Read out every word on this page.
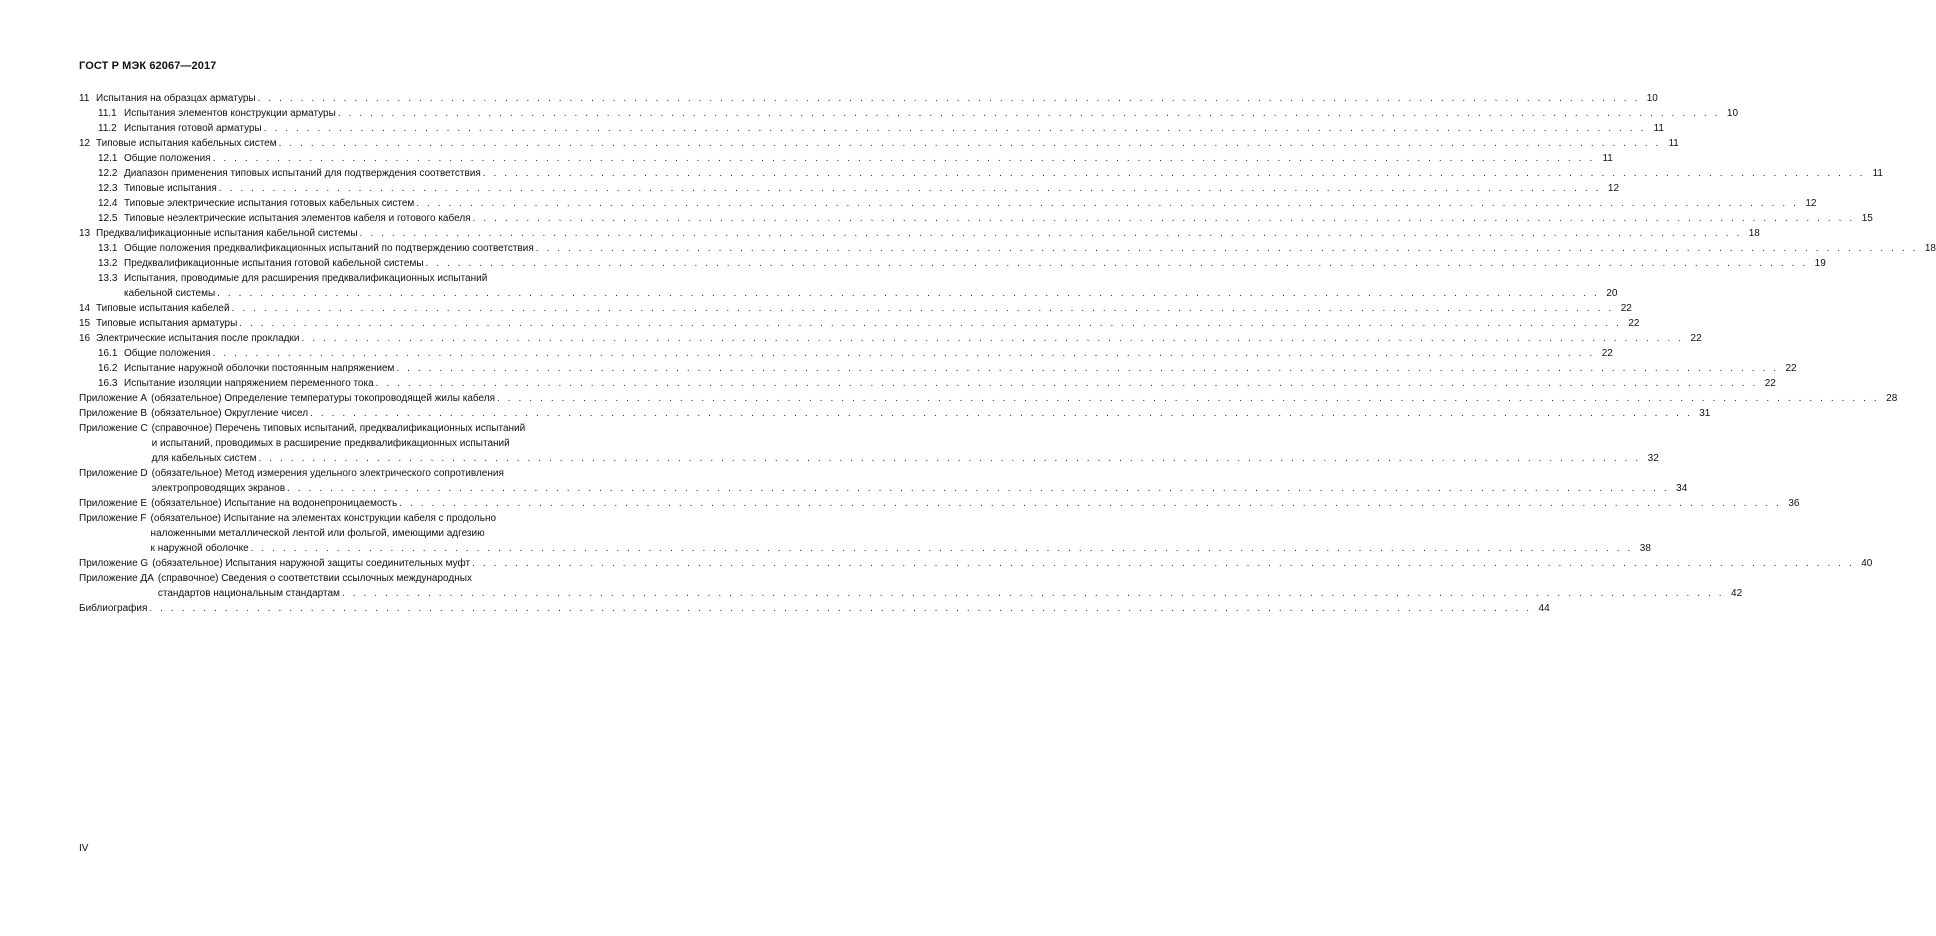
ГОСТ Р МЭК 62067—2017
11 Испытания на образцах арматуры . . .	10
11.1 Испытания элементов конструкции арматуры . . .	10
11.2 Испытания готовой арматуры . . .	11
12 Типовые испытания кабельных систем . . .	11
12.1 Общие положения . . .	11
12.2 Диапазон применения типовых испытаний для подтверждения соответствия . . .	11
12.3 Типовые испытания . . .	12
12.4 Типовые электрические испытания готовых кабельных систем . . .	12
12.5 Типовые неэлектрические испытания элементов кабеля и готового кабеля . . .	15
13 Предквалификационные испытания кабельной системы . . .	18
13.1 Общие положения предквалификационных испытаний по подтверждению соответствия . . .	18
13.2 Предквалификационные испытания готовой кабельной системы . . .	19
13.3 Испытания, проводимые для расширения предквалификационных испытаний
кабельной системы . . .	20
14 Типовые испытания кабелей . . .	22
15 Типовые испытания арматуры . . .	22
16 Электрические испытания после прокладки . . .	22
16.1 Общие положения . . .	22
16.2 Испытание наружной оболочки постоянным напряжением . . .	22
16.3 Испытание изоляции напряжением переменного тока . . .	22
Приложение А (обязательное) Определение температуры токопроводящей жилы кабеля . . .	28
Приложение В (обязательное) Округление чисел . . .	31
Приложение С (справочное) Перечень типовых испытаний, предквалификационных испытаний
и испытаний, проводимых в расширение предквалификационных испытаний
для кабельных систем . . .	32
Приложение D (обязательное) Метод измерения удельного электрического сопротивления
электропроводящих экранов . . .	34
Приложение Е (обязательное) Испытание на водонепроницаемость . . .	36
Приложение F (обязательное) Испытание на элементах конструкции кабеля с продольно
наложенными металлической лентой или фольгой, имеющими адгезию
к наружной оболочке . . .	38
Приложение G (обязательное) Испытания наружной защиты соединительных муфт . . .	40
Приложение ДА (справочное) Сведения о соответствии ссылочных международных
стандартов национальным стандартам . . .	42
Библиография . . .	44
IV
